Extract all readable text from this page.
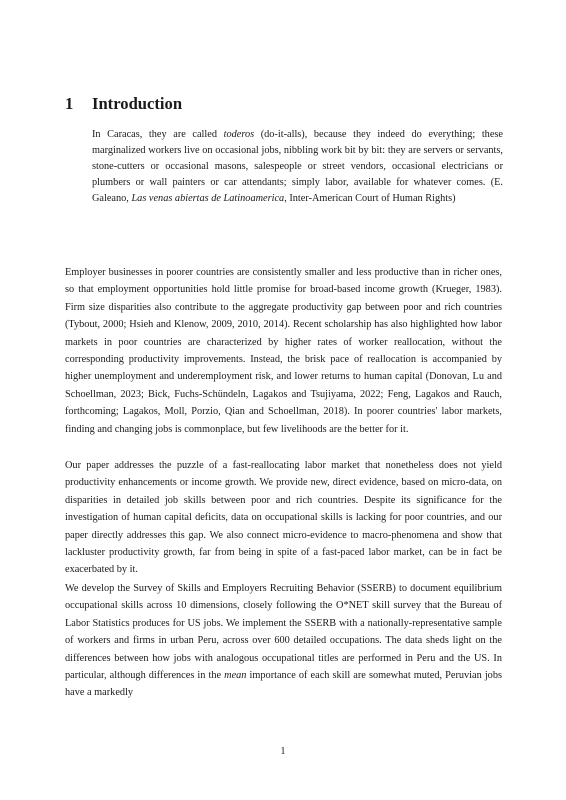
1 Introduction

In Caracas, they are called toderos (do-it-alls), because they indeed do everything; these marginalized workers live on occasional jobs, nibbling work bit by bit: they are servers or servants, stone-cutters or occasional masons, salespeople or street vendors, occasional electricians or plumbers or wall painters or car attendants; simply labor, available for whatever comes. (E. Galeano, Las venas abiertas de Latinoamerica, Inter-American Court of Human Rights)

Employer businesses in poorer countries are consistently smaller and less productive than in richer ones, so that employment opportunities hold little promise for broad-based income growth (Krueger, 1983). Firm size disparities also contribute to the aggregate productivity gap between poor and rich countries (Tybout, 2000; Hsieh and Klenow, 2009, 2010, 2014). Recent scholarship has also highlighted how labor markets in poor countries are characterized by higher rates of worker reallocation, without the corresponding productivity improvements. Instead, the brisk pace of reallocation is accompanied by higher unemployment and underemployment risk, and lower returns to human capital (Donovan, Lu and Schoellman, 2023; Bick, Fuchs-Schündeln, Lagakos and Tsujiyama, 2022; Feng, Lagakos and Rauch, forthcoming; Lagakos, Moll, Porzio, Qian and Schoellman, 2018). In poorer countries' labor markets, finding and changing jobs is commonplace, but few livelihoods are the better for it.

Our paper addresses the puzzle of a fast-reallocating labor market that nonetheless does not yield productivity enhancements or income growth. We provide new, direct evidence, based on micro-data, on disparities in detailed job skills between poor and rich countries. Despite its significance for the investigation of human capital deficits, data on occupational skills is lacking for poor countries, and our paper directly addresses this gap. We also connect micro-evidence to macro-phenomena and show that lackluster productivity growth, far from being in spite of a fast-paced labor market, can be in fact be exacerbated by it.

We develop the Survey of Skills and Employers Recruiting Behavior (SSERB) to document equilibrium occupational skills across 10 dimensions, closely following the O*NET skill survey that the Bureau of Labor Statistics produces for US jobs. We implement the SSERB with a nationally-representative sample of workers and firms in urban Peru, across over 600 detailed occupations. The data sheds light on the differences between how jobs with analogous occupational titles are performed in Peru and the US. In particular, although differences in the mean importance of each skill are somewhat muted, Peruvian jobs have a markedly

1
